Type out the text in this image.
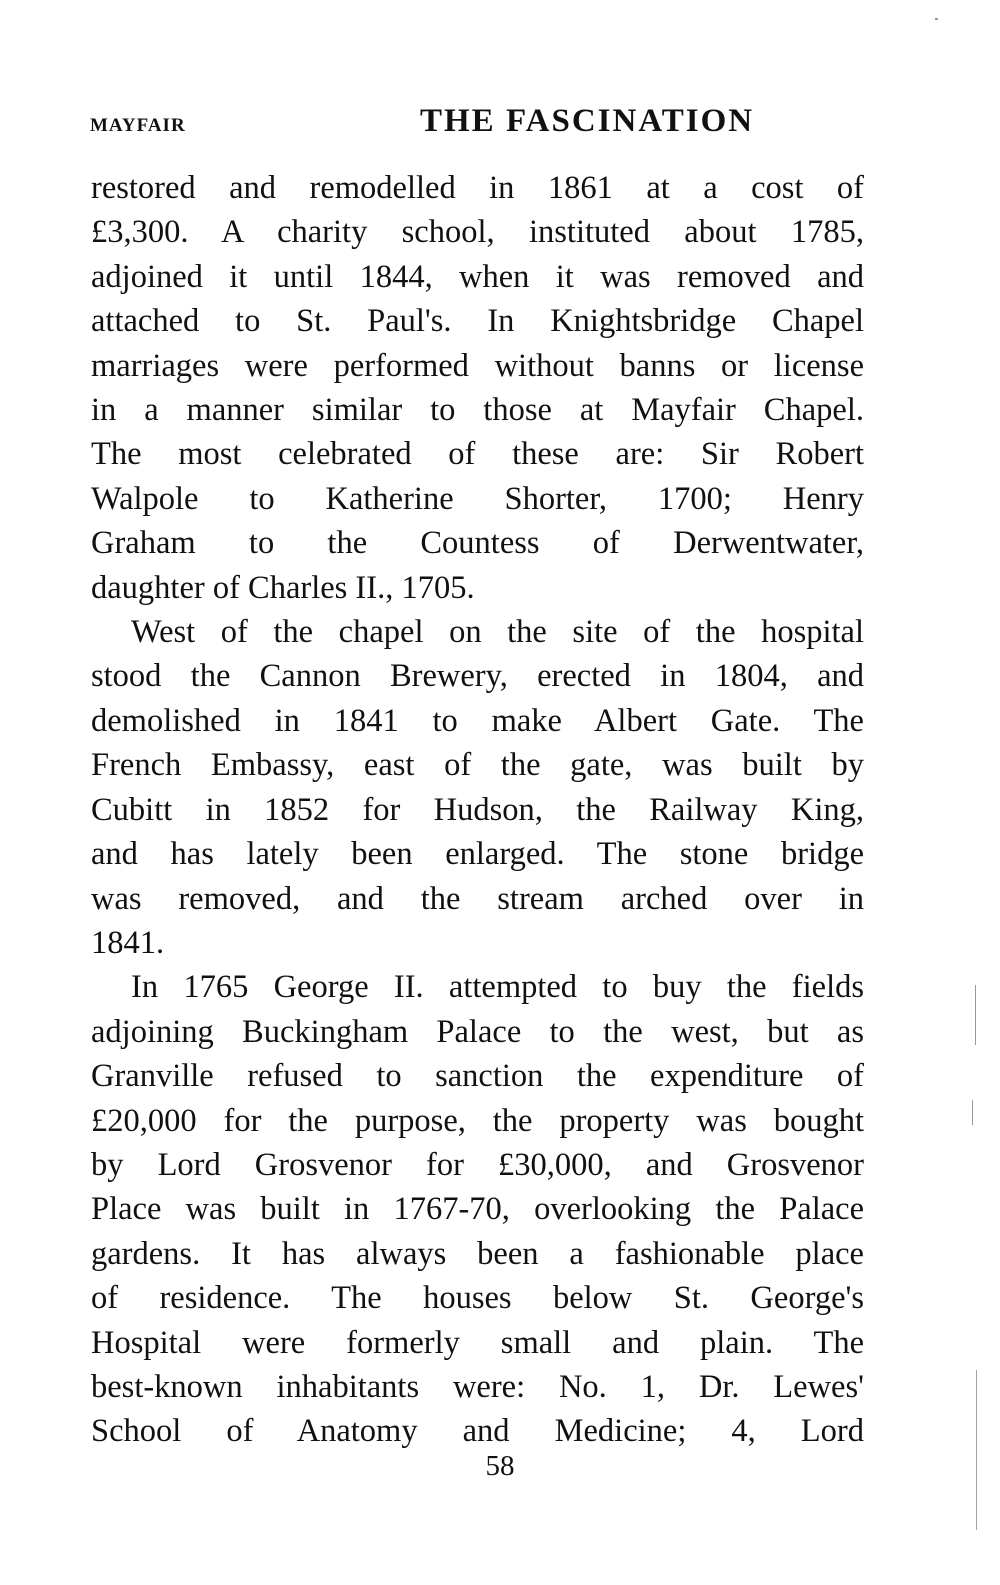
MAYFAIR	THE FASCINATION

restored and remodelled in 1861 at a cost of
£3,300. A charity school, instituted about 1785,
adjoined it until 1844, when it was removed and
attached to St. Paul's. In Knightsbridge Chapel
marriages were performed without banns or license
in a manner similar to those at Mayfair Chapel.
The most celebrated of these are: Sir Robert
Walpole to Katherine Shorter, 1700; Henry
Graham to the Countess of Derwentwater,
daughter of Charles II., 1705.

West of the chapel on the site of the hospital
stood the Cannon Brewery, erected in 1804, and
demolished in 1841 to make Albert Gate. The
French Embassy, east of the gate, was built by
Cubitt in 1852 for Hudson, the Railway King,
and has lately been enlarged. The stone bridge
was removed, and the stream arched over in
1841.

In 1765 George II. attempted to buy the fields
adjoining Buckingham Palace to the west, but as
Granville refused to sanction the expenditure of
£20,000 for the purpose, the property was bought
by Lord Grosvenor for £30,000, and Grosvenor
Place was built in 1767-70, overlooking the Palace
gardens. It has always been a fashionable place
of residence. The houses below St. George's
Hospital were formerly small and plain. The
best-known inhabitants were: No. 1, Dr. Lewes'
School of Anatomy and Medicine; 4, Lord

58
